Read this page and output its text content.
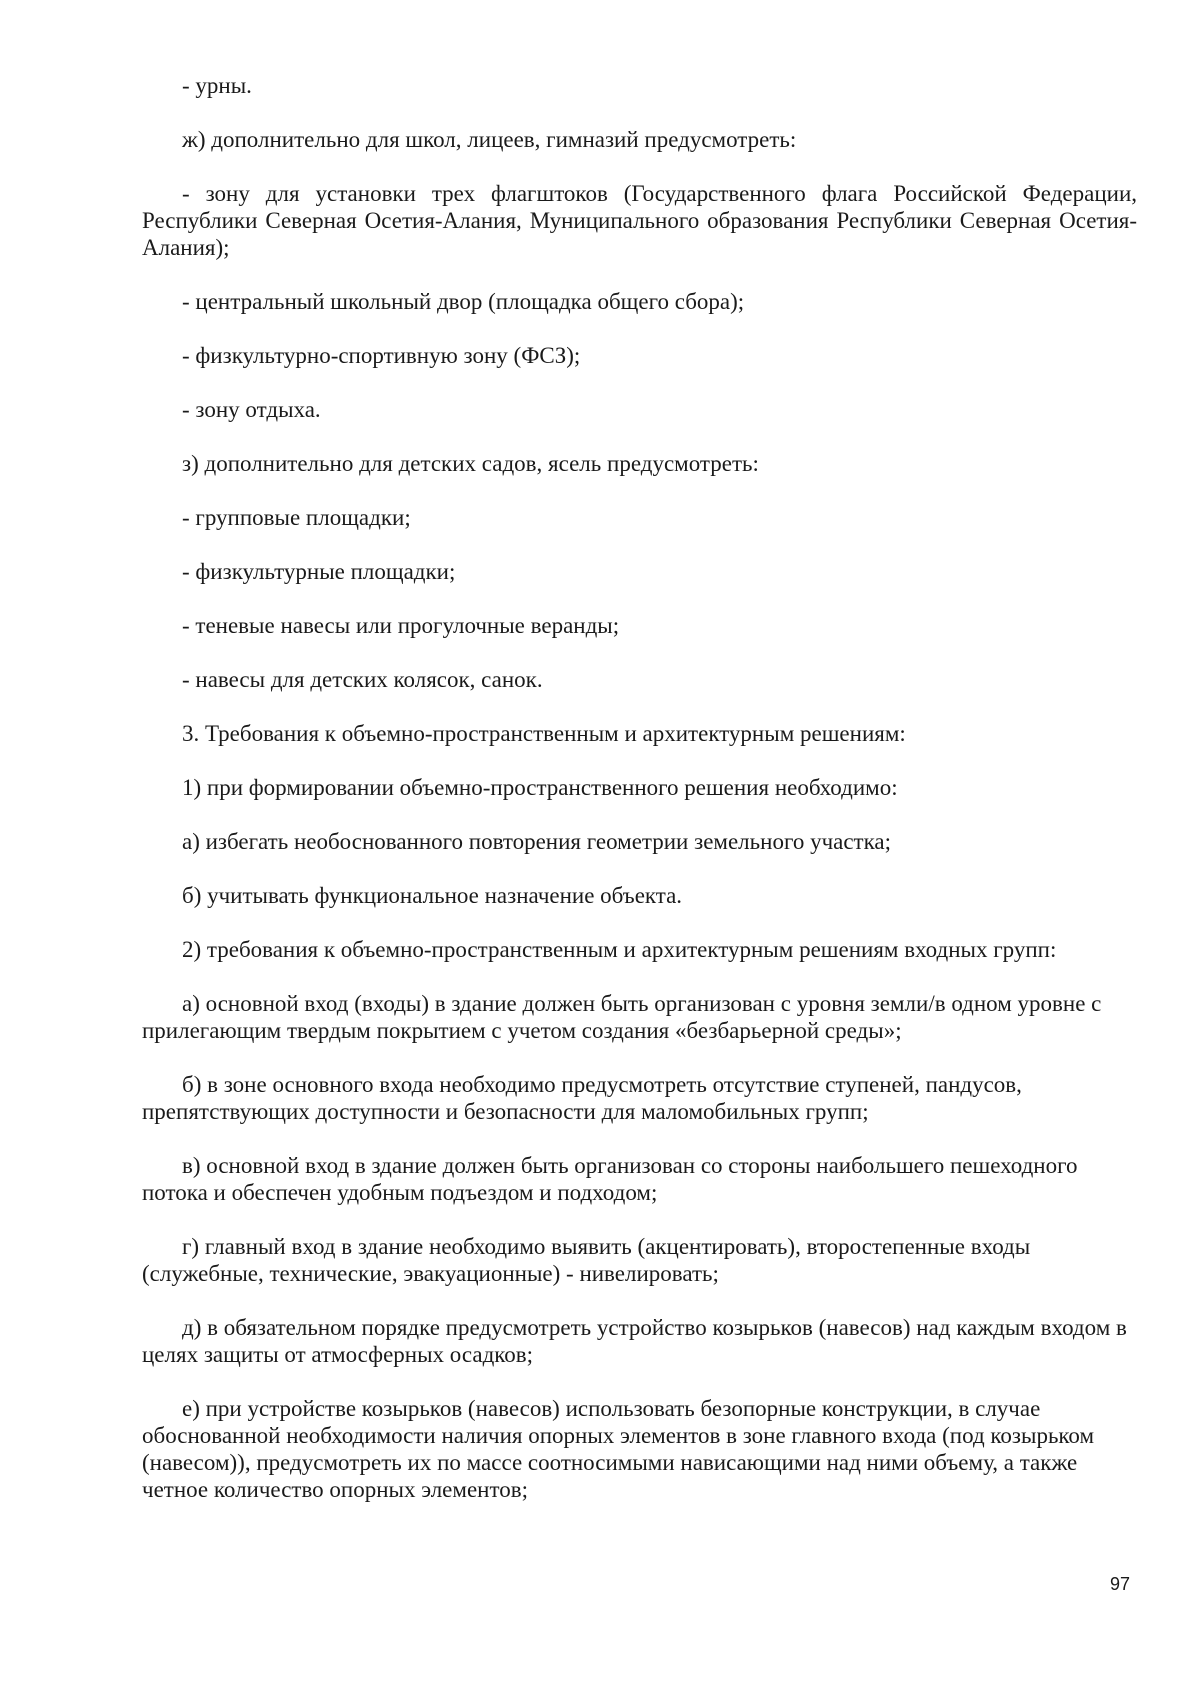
- урны.

ж) дополнительно для школ, лицеев, гимназий предусмотреть:

- зону для установки трех флагштоков (Государственного флага Российской Федерации, Республики Северная Осетия-Алания, Муниципального образования Республики Северная Осетия-Алания);

- центральный школьный двор (площадка общего сбора);

- физкультурно-спортивную зону (ФСЗ);

- зону отдыха.

з) дополнительно для детских садов, ясель предусмотреть:

- групповые площадки;

- физкультурные площадки;

- теневые навесы или прогулочные веранды;

- навесы для детских колясок, санок.

3. Требования к объемно-пространственным и архитектурным решениям:

1) при формировании объемно-пространственного решения необходимо:

а) избегать необоснованного повторения геометрии земельного участка;

б) учитывать функциональное назначение объекта.

2) требования к объемно-пространственным и архитектурным решениям входных групп:

а) основной вход (входы) в здание должен быть организован с уровня земли/в одном уровне с прилегающим твердым покрытием с учетом создания «безбарьерной среды»;

б) в зоне основного входа необходимо предусмотреть отсутствие ступеней, пандусов, препятствующих доступности и безопасности для маломобильных групп;

в) основной вход в здание должен быть организован со стороны наибольшего пешеходного потока и обеспечен удобным подъездом и подходом;

г) главный вход в здание необходимо выявить (акцентировать), второстепенные входы (служебные, технические, эвакуационные) - нивелировать;

д) в обязательном порядке предусмотреть устройство козырьков (навесов) над каждым входом в целях защиты от атмосферных осадков;

е) при устройстве козырьков (навесов) использовать безопорные конструкции, в случае обоснованной необходимости наличия опорных элементов в зоне главного входа (под козырьком (навесом)), предусмотреть их по массе соотносимыми нависающими над ними объему, а также четное количество опорных элементов;

97
